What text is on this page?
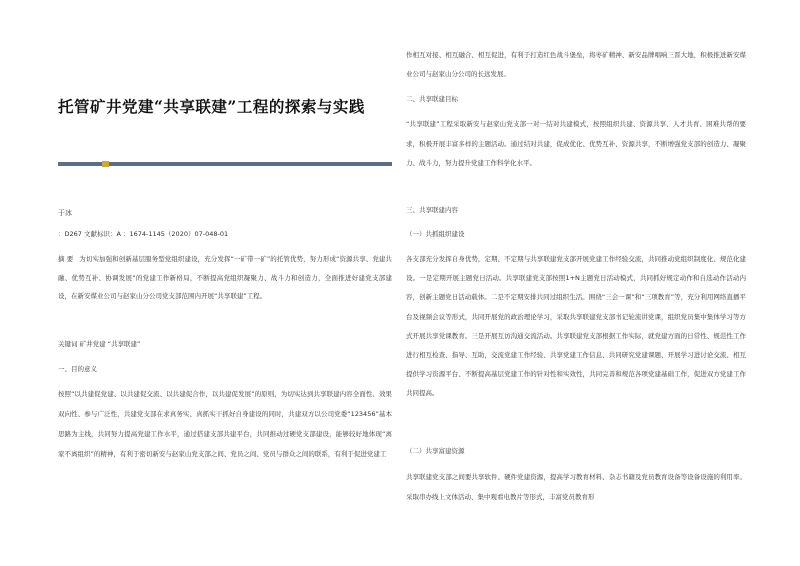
托管矿井党建“共享联建”工程的探索与实践
于冰
：D267 文献标识：A ：1674-1145（2020）07-048-01
摘 要 为切实加强和创新基层服务型党组织建设，充分发挥“一矿带一矿”的托管优势，努力形成“资源共享、党建共融、优势互补、协调发展”的党建工作新格局，不断提高党组织凝聚力、战斗力和创造力，全面推进好建党支部建设，在新安煤业公司与赵家山分公司党支部范围内开展“共享联建”工程。
关键词 矿井党建 “共享联建”
一、目的意义
按照“以共建促党建、以共建促交流、以共建促合作，以共建促发展”的原则，为切实达到共享联建内容全面性、效果双向性、参与广泛性，共建党支部在求真务实、真抓实干抓好自身建设的同时，共建双方以公司党委“123456”基本思路为主线，共同努力提高党建工作水平，通过搭建支部共建平台，共同推动过硬党支部建设，能够较好地体现“离家不离组织”的精神，有利于密切新安与赵家山党支部之间、党员之间、党员与群众之间的联系，有利于促进党建工
作相互对接、相互融合、相互促进，有利于打造红色战斗堡垒，将枣矿精神、新安品牌唱响三晋大地，积极推进新安煤业公司与赵家山分公司的长远发展。
二、共享联建目标
“共享联建”工程采取新安与赵家山党支部一对一结对共建模式，按照组织共建、资源共享、人才共育、困难共帮的要求，积极开展丰富多样的主题活动。通过结对共建，促成优化、优势互补、资源共享，不断增强党支部的创造力、凝聚力、战斗力，努力提升党建工作科学化水平。
三、共享联建内容
（一）共抓组织建设
各支部充分发挥自身优势，定期、不定期与共享联建党支部开展党建工作经验交流，共同推动党组织制度化、规范化建设。一是定期开展主题党日活动。共享联建党支部按照1+N主题党日活动模式，共同抓好规定动作和自选动作活动内容，创新主题党日活动载体。二是不定期安排共同过组织生活。围绕“三会一课”和“三项教育”等，充分利用网络直播平台及视频会议等形式，共同开展党的政治理论学习，采取共享联建党支部书记轮流讲党课，组织党员集中集体学习等方式开展共享党课教育。三是开展互访沟通交流活动。共享联建党支部根据工作实际，就党建方面的日常性、规范性工作进行相互检查、指导、互助，交流党建工作经验、共享党建工作信息、共同研究党建课题、开展学习进讨论交流、相互提供学习资源平台、不断提高基层党建工作的针对性和实效性，共同完善和规范各项党建基础工作，促进双方党建工作共同提高。
（二）共享富建资源
共享联建党支部之间要共享软件、硬件党建资源，提高学习教育材料、杂志书籍及党员教育设备等设备设施的利用率。采取串办线上文体活动、集中观看电教片等形式，丰富党员教育形
